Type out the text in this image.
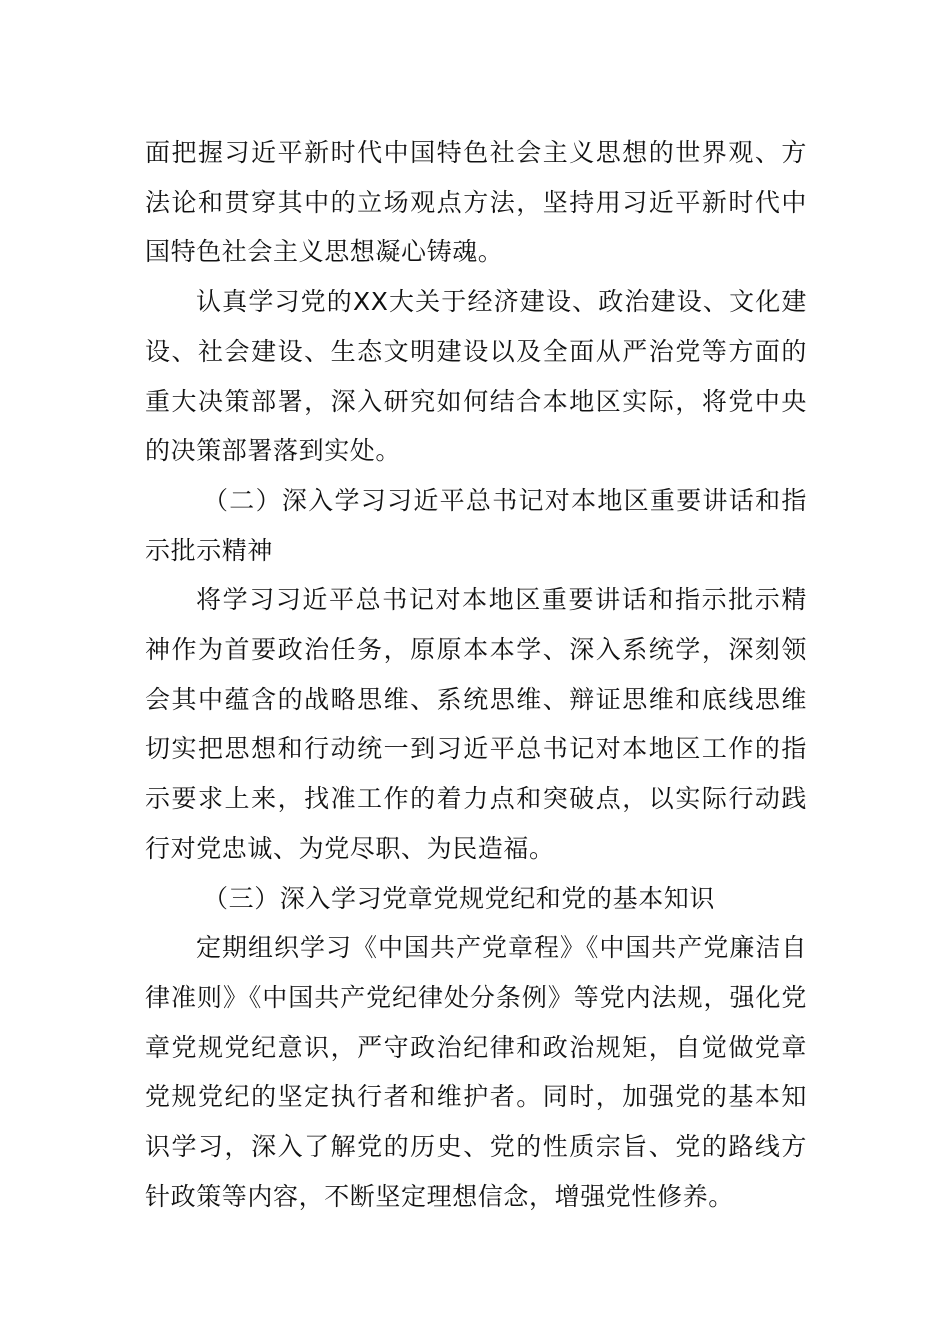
面把握习近平新时代中国特色社会主义思想的世界观、方法论和贯穿其中的立场观点方法，坚持用习近平新时代中国特色社会主义思想凝心铸魂。

认真学习党的XX大关于经济建设、政治建设、文化建设、社会建设、生态文明建设以及全面从严治党等方面的重大决策部署，深入研究如何结合本地区实际，将党中央的决策部署落到实处。

（二）深入学习习近平总书记对本地区重要讲话和指示批示精神

将学习习近平总书记对本地区重要讲话和指示批示精神作为首要政治任务，原原本本学、深入系统学，深刻领会其中蕴含的战略思维、系统思维、辩证思维和底线思维切实把思想和行动统一到习近平总书记对本地区工作的指示要求上来，找准工作的着力点和突破点，以实际行动践行对党忠诚、为党尽职、为民造福。

（三）深入学习党章党规党纪和党的基本知识

定期组织学习《中国共产党章程》《中国共产党廉洁自律准则》《中国共产党纪律处分条例》等党内法规，强化党章党规党纪意识，严守政治纪律和政治规矩，自觉做党章党规党纪的坚定执行者和维护者。同时，加强党的基本知识学习，深入了解党的历史、党的性质宗旨、党的路线方针政策等内容，不断坚定理想信念，增强党性修养。
